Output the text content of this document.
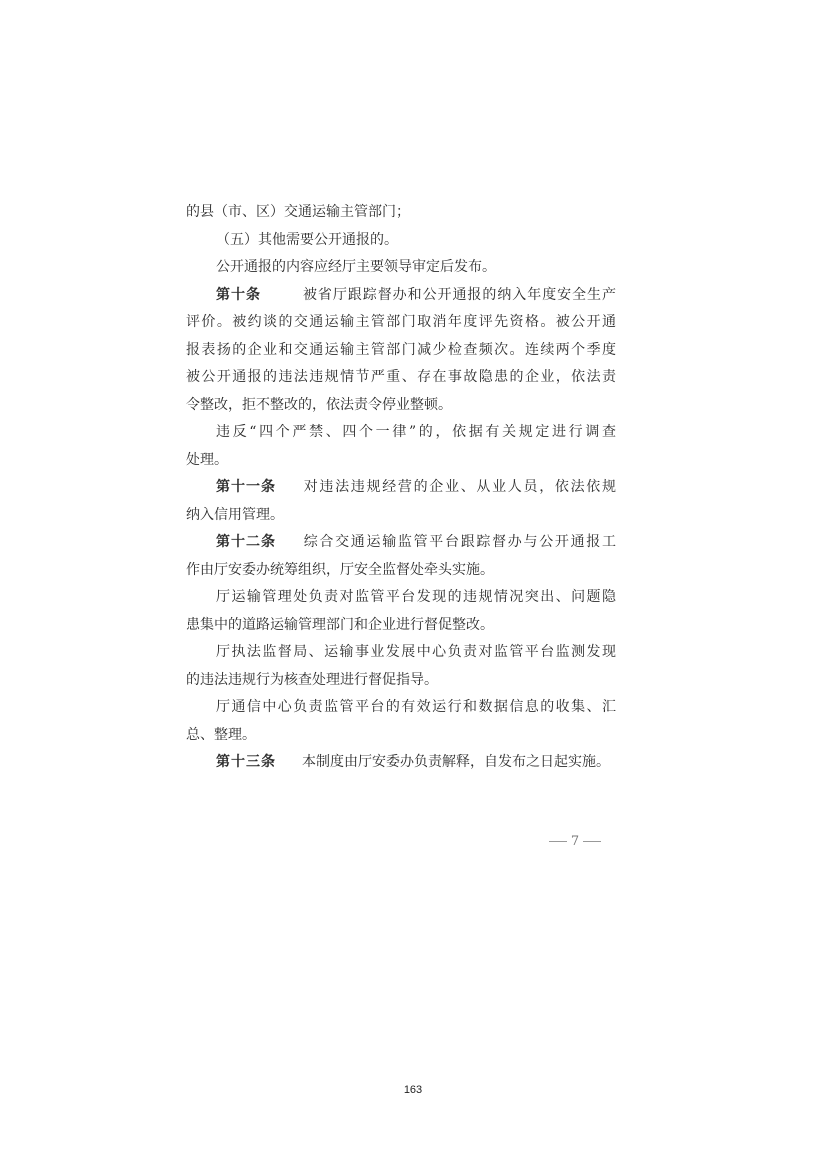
的县（市、区）交通运输主管部门；
（五）其他需要公开通报的。
公开通报的内容应经厅主要领导审定后发布。
第十条	被省厅跟踪督办和公开通报的纳入年度安全生产
评价。被约谈的交通运输主管部门取消年度评先资格。被公开通
报表扬的企业和交通运输主管部门减少检查频次。连续两个季度
被公开通报的违法违规情节严重、存在事故隐患的企业，依法责
令整改，拒不整改的，依法责令停业整顿。
违反“四个严禁、四个一律”的，依据有关规定进行调查
处理。
第十一条 对违法违规经营的企业、从业人员，依法依规
纳入信用管理。
第十二条 综合交通运输监管平台跟踪督办与公开通报工
作由厅安委办统筹组织，厅安全监督处牵头实施。
厅运输管理处负责对监管平台发现的违规情况突出、问题隐
患集中的道路运输管理部门和企业进行督促整改。
厅执法监督局、运输事业发展中心负责对监管平台监测发现
的违法违规行为核查处理进行督促指导。
厅通信中心负责监管平台的有效运行和数据信息的收集、汇
总、整理。
第十三条 本制度由厅安委办负责解释，自发布之日起实施。
7
163
